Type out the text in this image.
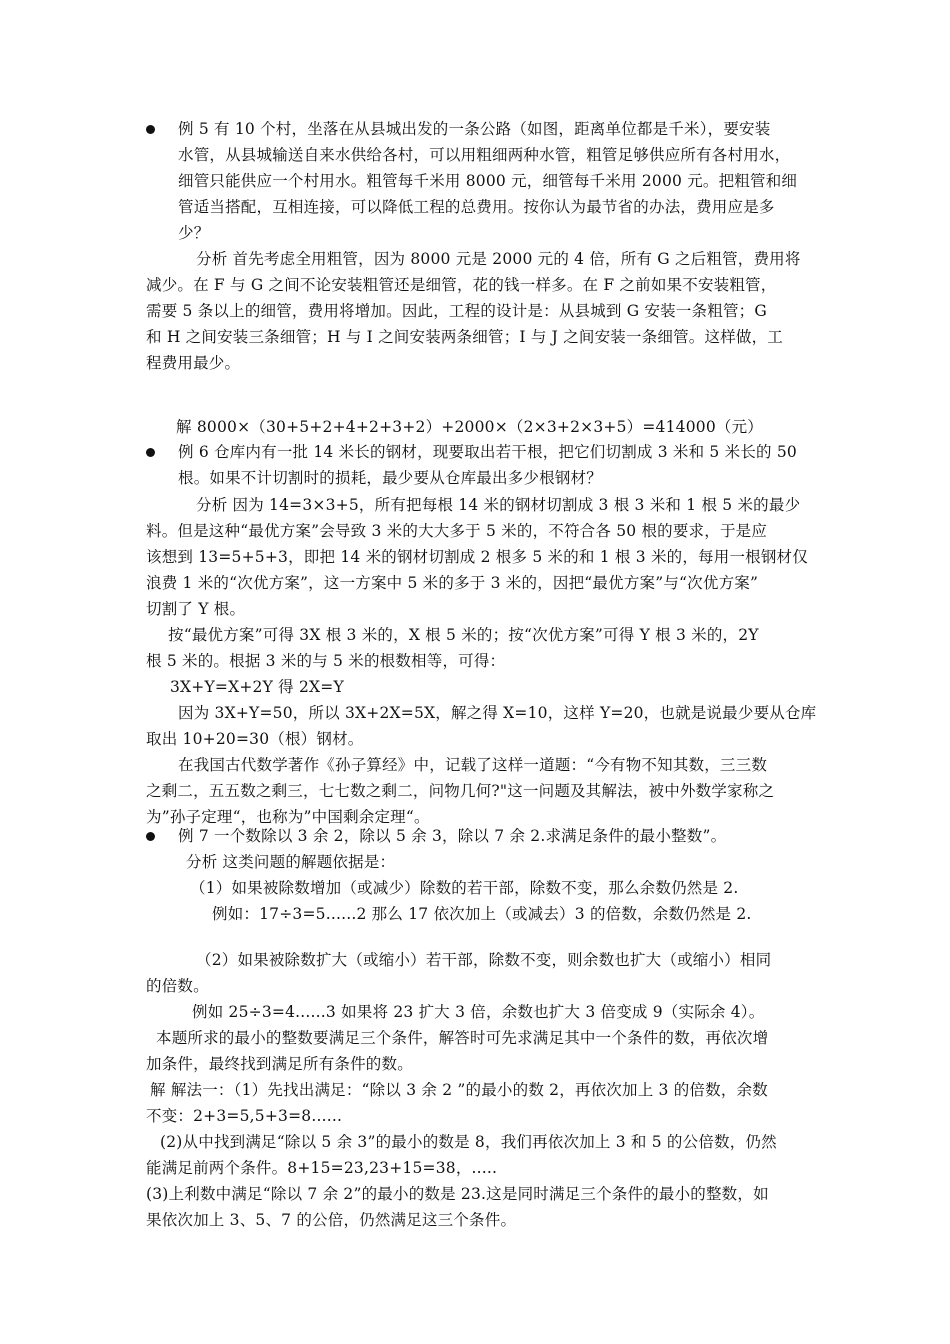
例 5 有 10 个村，坐落在从县城出发的一条公路（如图，距离单位都是千米），要安装
水管，从县城输送自来水供给各村，可以用粗细两种水管，粗管足够供应所有各村用水，
细管只能供应一个村用水。粗管每千米用 8000 元，细管每千米用 2000 元。把粗管和细
管适当搭配，互相连接，可以降低工程的总费用。按你认为最节省的办法，费用应是多
少？
分析 首先考虑全用粗管，因为 8000 元是 2000 元的 4 倍，所有 G 之后粗管，费用将
减少。在 F 与 G 之间不论安装粗管还是细管，花的钱一样多。在 F 之前如果不安装粗管，
需要 5 条以上的细管，费用将增加。因此，工程的设计是：从县城到 G 安装一条粗管；G
和 H 之间安装三条细管；H 与 I 之间安装两条细管；I 与 J 之间安装一条细管。这样做，工
程费用最少。
解 8000×（30+5+2+4+2+3+2）+2000×（2×3+2×3+5）=414000（元）
例 6 仓库内有一批 14 米长的钢材，现要取出若干根，把它们切割成 3 米和 5 米长的 50
根。如果不计切割时的损耗，最少要从仓库最出多少根钢材？
分析 因为 14=3×3+5，所有把每根 14 米的钢材切割成 3 根 3 米和 1 根 5 米的最少
料。但是这种“最优方案”会导致 3 米的大大多于 5 米的，不符合各 50 根的要求，于是应
该想到 13=5+5+3，即把 14 米的钢材切割成 2 根多 5 米的和 1 根 3 米的，每用一根钢材仅
浪费 1 米的“次优方案”，这一方案中 5 米的多于 3 米的，因把“最优方案”与“次优方案”
切割了 Y 根。
按“最优方案”可得 3X 根 3 米的，X 根 5 米的；按“次优方案”可得 Y 根 3 米的，2Y
根 5 米的。根据 3 米的与 5 米的根数相等，可得：
3X+Y=X+2Y 得 2X=Y
因为 3X+Y=50，所以 3X+2X=5X，解之得 X=10，这样 Y=20，也就是说最少要从仓库
取出 10+20=30（根）钢材。
在我国古代数学著作《孙子算经》中，记载了这样一道题：“今有物不知其数，三三数
之剩二，五五数之剩三，七七数之剩二，问物几何?"这一问题及其解法，被中外数学家称之
为”孙子定理“，也称为”中国剩余定理“。
例 7 一个数除以 3 余 2，除以 5 余 3，除以 7 余 2.求满足条件的最小整数”。
分析 这类问题的解题依据是：
（1）如果被除数增加（或减少）除数的若干部，除数不变，那么余数仍然是 2.
例如：17÷3=5......2 那么 17 依次加上（或减去）3 的倍数，余数仍然是 2.
（2）如果被除数扩大（或缩小）若干部，除数不变，则余数也扩大（或缩小）相同
的倍数。
例如 25÷3=4......3 如果将 23 扩大 3 倍，余数也扩大 3 倍变成 9（实际余 4）。
本题所求的最小的整数要满足三个条件，解答时可先求满足其中一个条件的数，再依次增
加条件，最终找到满足所有条件的数。
解 解法一：（1）先找出满足：“除以 3 余 2 ”的最小的数 2，再依次加上 3 的倍数，余数
不变：2+3=5,5+3=8......
(2)从中找到满足“除以 5 余 3”的最小的数是 8，我们再依次加上 3 和 5 的公倍数，仍然
能满足前两个条件。8+15=23,23+15=38，.....
(3)上利数中满足“除以 7 余 2”的最小的数是 23.这是同时满足三个条件的最小的整数，如
果依次加上 3、5、7 的公倍，仍然满足这三个条件。
